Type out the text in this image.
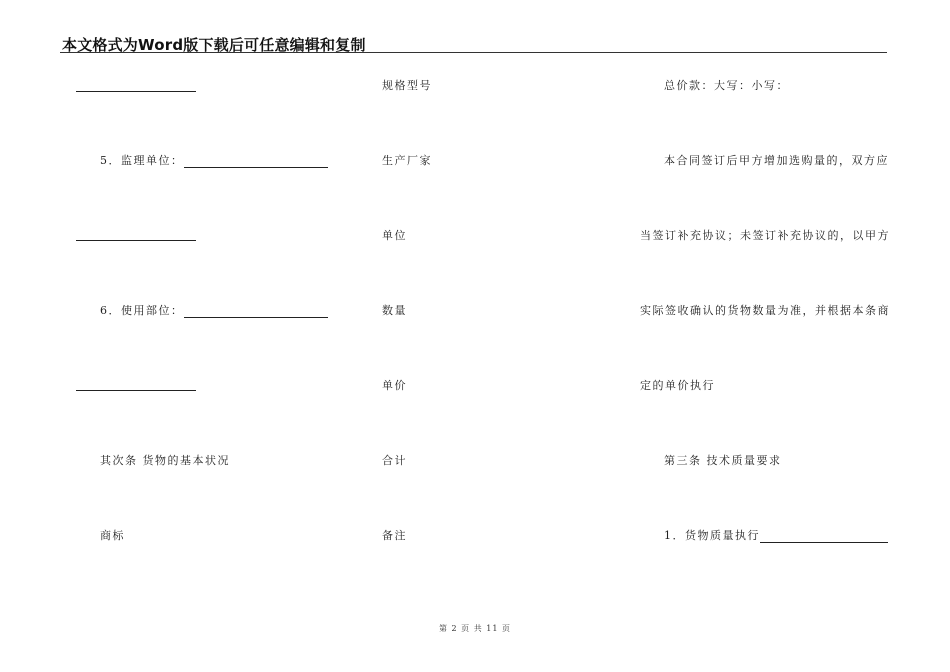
本文格式为Word版下载后可任意编辑和复制
5．监理单位：
6．使用部位：
其次条 货物的基本状况
商标
规格型号
生产厂家
单位
数量
单价
合计
备注
总价款：大写：小写：
本合同签订后甲方增加选购量的，双方应
当签订补充协议；未签订补充协议的，以甲方
实际签收确认的货物数量为准，并根据本条商
定的单价执行
第三条 技术质量要求
1．货物质量执行
第 2 页 共 11 页
